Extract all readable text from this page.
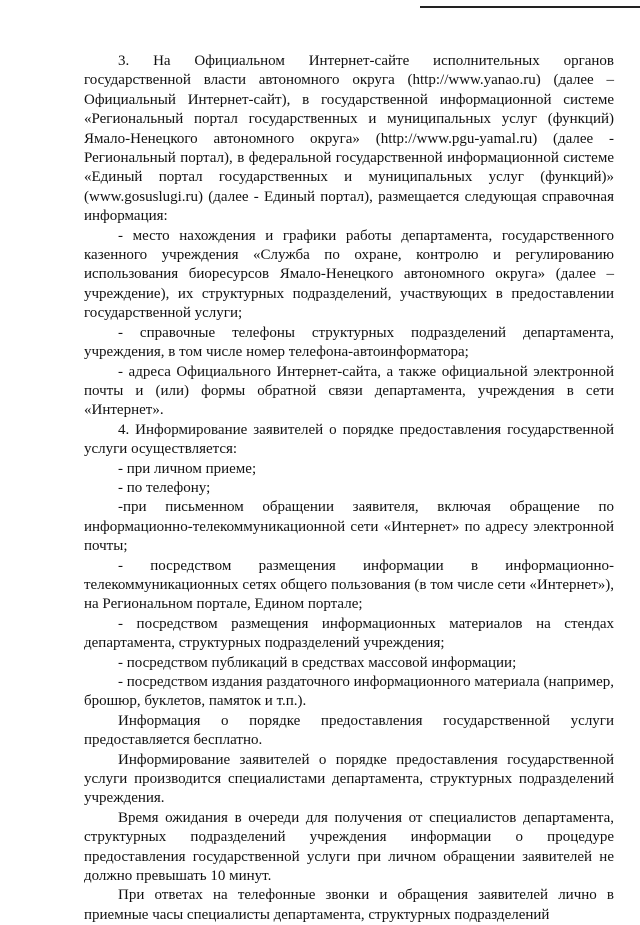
3. На Официальном Интернет-сайте исполнительных органов государственной власти автономного округа (http://www.yanao.ru) (далее – Официальный Интернет-сайт), в государственной информационной системе «Региональный портал государственных и муниципальных услуг (функций) Ямало-Ненецкого автономного округа» (http://www.pgu-yamal.ru) (далее - Региональный портал), в федеральной государственной информационной системе «Единый портал государственных и муниципальных услуг (функций)» (www.gosuslugi.ru) (далее - Единый портал), размещается следующая справочная информация:

- место нахождения и графики работы департамента, государственного казенного учреждения «Служба по охране, контролю и регулированию использования биоресурсов Ямало-Ненецкого автономного округа» (далее – учреждение), их структурных подразделений, участвующих в предоставлении государственной услуги;

- справочные телефоны структурных подразделений департамента, учреждения, в том числе номер телефона-автоинформатора;

- адреса Официального Интернет-сайта, а также официальной электронной почты и (или) формы обратной связи департамента, учреждения в сети «Интернет».

4. Информирование заявителей о порядке предоставления государственной услуги осуществляется:

- при личном приеме;

- по телефону;

-при письменном обращении заявителя, включая обращение по информационно-телекоммуникационной сети «Интернет» по адресу электронной почты;

- посредством размещения информации в информационно-телекоммуникационных сетях общего пользования (в том числе сети «Интернет»), на Региональном портале, Едином портале;

- посредством размещения информационных материалов на стендах департамента, структурных подразделений учреждения;

- посредством публикаций в средствах массовой информации;

- посредством издания раздаточного информационного материала (например, брошюр, буклетов, памяток и т.п.).

Информация о порядке предоставления государственной услуги предоставляется бесплатно.

Информирование заявителей о порядке предоставления государственной услуги производится специалистами департамента, структурных подразделений учреждения.

Время ожидания в очереди для получения от специалистов департамента, структурных подразделений учреждения информации о процедуре предоставления государственной услуги при личном обращении заявителей не должно превышать 10 минут.

При ответах на телефонные звонки и обращения заявителей лично в приемные часы специалисты департамента, структурных подразделений
